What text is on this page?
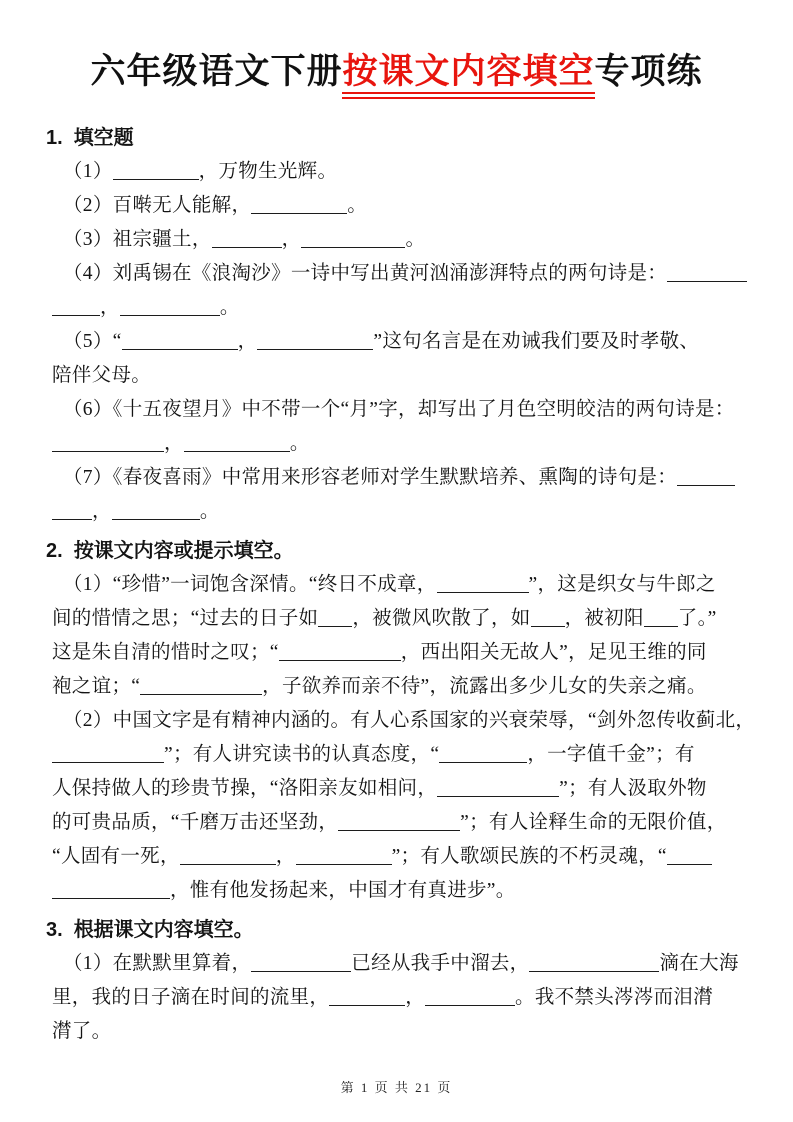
六年级语文下册按课文内容填空专项练
1. 填空题
（1）	，万物生光辉。
（2）百啭无人能解，	。
（3）祖宗疆土，	，	。
（4）刘禹锡在《浪淘沙》一诗中写出黄河汹涌澎湃特点的两句诗是：
，	。
（5）“	，	”这句名言是在劝诫我们要及时孝敬、
陪伴父母。
（6）《十五夜望月》中不带一个“月”字，却写出了月色空明皎洁的两句诗是：
，	。
（7）《春夜喜雨》中常用来形容老师对学生默默培养、熏陶的诗句是：
，	。
2. 按课文内容或提示填空。
（1）“珍惜”一词饱含深情。“终日不成章，	”，这是织女与牛郎之
间的惜情之思；“过去的日子如 ，被微风吹散了，如 ，被初阳 了。”
这是朱自清的惜时之叹；“	，西出阳关无故人”，足见王维的同
袍之谊；“	，子欲养而亲不待”，流露出多少儿女的失亲之痛。
（2）中国文字是有精神内涵的。有人心系国家的兴衰荣辱，“剑外忽传收蓟北，
”；有人讲究读书的认真态度，“	，一字值千金”；有
人保持做人的珍贵节操，“洛阳亲友如相问，	”；有人汲取外物
的可贵品质，“千磨万击还坚劲，	”；有人诠释生命的无限价值，
“人固有一死，	，	”；有人歌颂民族的不朽灵魂，“
，惟有他发扬起来，中国才有真进步”。
3. 根据课文内容填空。
（1）在默默里算着，	已经从我手中溜去，	滴在大海
里，我的日子滴在时间的流里，	，	。我不禁头涔涔而泪潸
潸了。
第 1 页 共 21 页
